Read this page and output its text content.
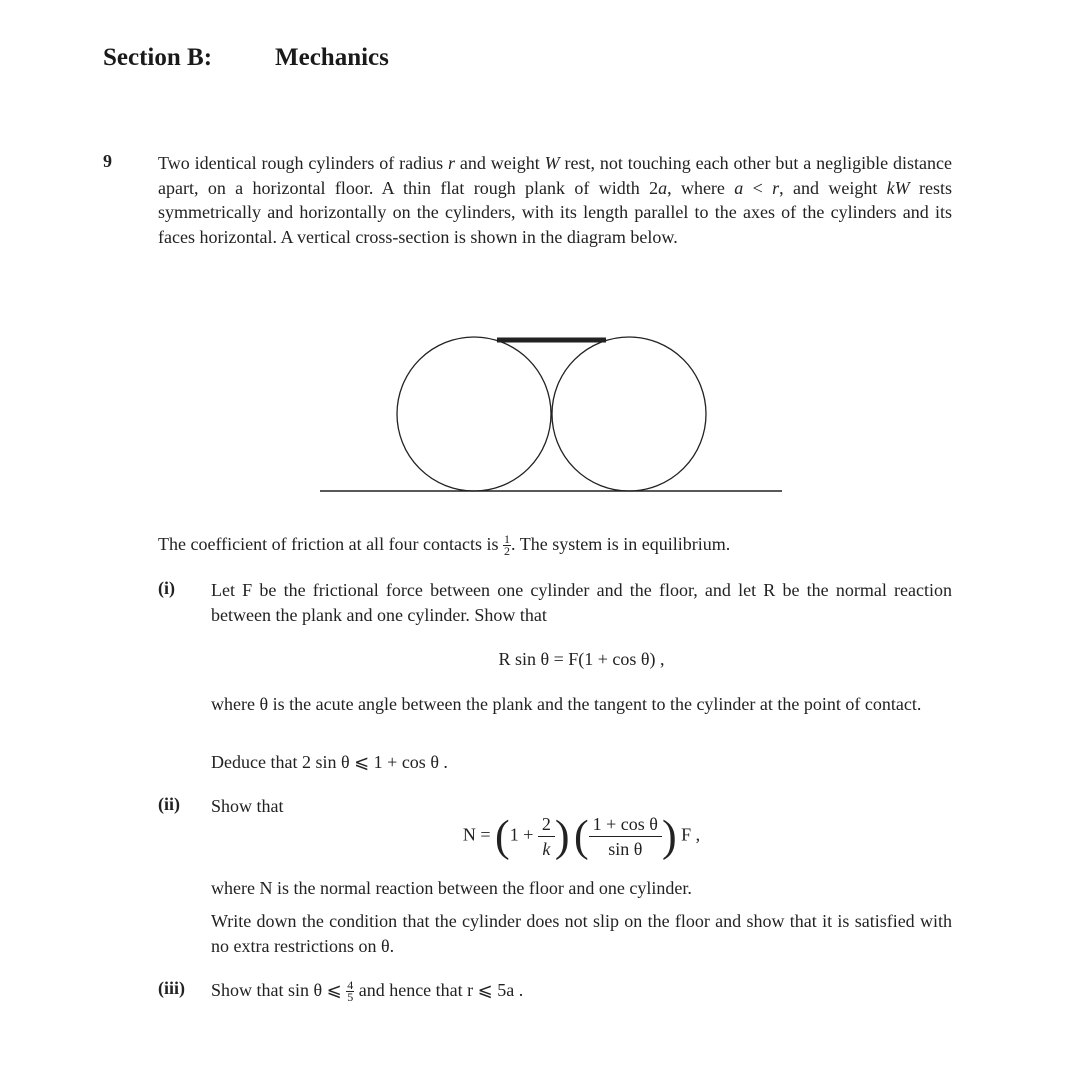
Section B:	Mechanics
9	Two identical rough cylinders of radius r and weight W rest, not touching each other but a negligible distance apart, on a horizontal floor. A thin flat rough plank of width 2a, where a < r, and weight kW rests symmetrically and horizontally on the cylinders, with its length parallel to the axes of the cylinders and its faces horizontal. A vertical cross-section is shown in the diagram below.
The coefficient of friction at all four contacts is $\frac{1}{2}$ . The system is in equilibrium.
(i) Let F be the frictional force between one cylinder and the floor, and let R be the normal reaction between the plank and one cylinder. Show that
R sin θ = F(1 + cos θ) ,
where θ is the acute angle between the plank and the tangent to the cylinder at the point of contact.
Deduce that 2 sin θ ⩽ 1 + cos θ .
(ii) Show that
$N = (1 + \frac{2}{k}$ ) ( $\frac{\text{1 + cos θ}}{\text{sin θ}}$ ) F ,
where N is the normal reaction between the floor and one cylinder.
Write down the condition that the cylinder does not slip on the floor and show that it is satisfied with no extra restrictions on θ.
(iii) Show that sin θ ⩽ $\frac{4}{5}$ and hence that r ⩽ 5a .
